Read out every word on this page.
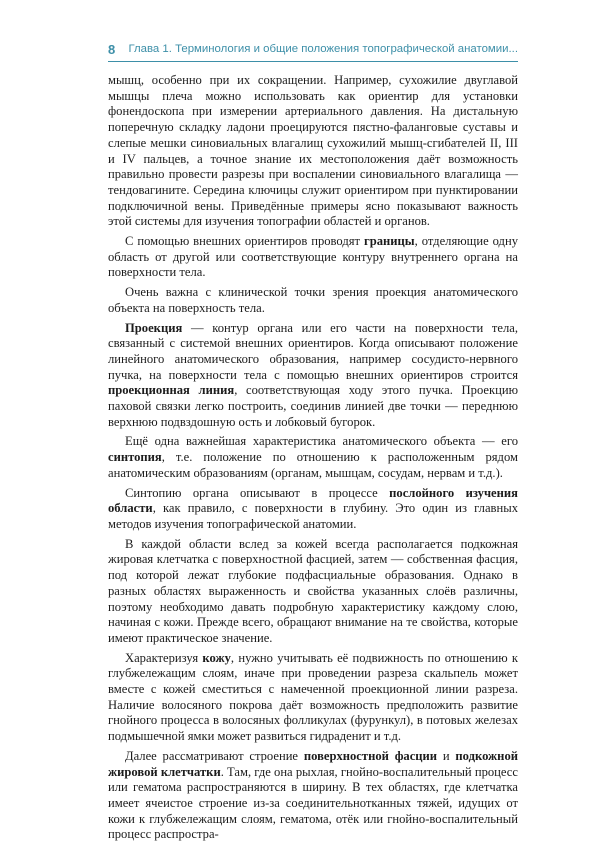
8 Глава 1. Терминология и общие положения топографической анатомии...

мышц, особенно при их сокращении. Например, сухожилие двуглавой мышцы плеча можно использовать как ориентир для установки фонендоскопа при измерении артериального давления. На дистальную поперечную складку ладони проецируются пястно-фаланговые суставы и слепые мешки синовиальных влагалищ сухожилий мышц-сгибателей II, III и IV пальцев, а точное знание их местоположения даёт возможность правильно провести разрезы при воспалении синовиального влагалища — тендовагините. Середина ключицы служит ориентиром при пунктировании подключичной вены. Приведённые примеры ясно показывают важность этой системы для изучения топографии областей и органов.

С помощью внешних ориентиров проводят границы, отделяющие одну область от другой или соответствующие контуру внутреннего органа на поверхности тела.

Очень важна с клинической точки зрения проекция анатомического объекта на поверхность тела.

Проекция — контур органа или его части на поверхности тела, связанный с системой внешних ориентиров. Когда описывают положение линейного анатомического образования, например сосудисто-нервного пучка, на поверхности тела с помощью внешних ориентиров строится проекционная линия, соответствующая ходу этого пучка. Проекцию паховой связки легко построить, соединив линией две точки — переднюю верхнюю подвздошную ость и лобковый бугорок.

Ещё одна важнейшая характеристика анатомического объекта — его синтопия, т.е. положение по отношению к расположенным рядом анатомическим образованиям (органам, мышцам, сосудам, нервам и т.д.).

Синтопию органа описывают в процессе послойного изучения области, как правило, с поверхности в глубину. Это один из главных методов изучения топографической анатомии.

В каждой области вслед за кожей всегда располагается подкожная жировая клетчатка с поверхностной фасцией, затем — собственная фасция, под которой лежат глубокие подфасциальные образования. Однако в разных областях выраженность и свойства указанных слоёв различны, поэтому необходимо давать подробную характеристику каждому слою, начиная с кожи. Прежде всего, обращают внимание на те свойства, которые имеют практическое значение.

Характеризуя кожу, нужно учитывать её подвижность по отношению к глубжележащим слоям, иначе при проведении разреза скальпель может вместе с кожей сместиться с намеченной проекционной линии разреза. Наличие волосяного покрова даёт возможность предположить развитие гнойного процесса в волосяных фолликулах (фурункул), в потовых железах подмышечной ямки может развиться гидраденит и т.д.

Далее рассматривают строение поверхностной фасции и подкожной жировой клетчатки. Там, где она рыхлая, гнойно-воспалительный процесс или гематома распространяются в ширину. В тех областях, где клетчатка имеет ячеистое строение из-за соединительнотканных тяжей, идущих от кожи к глубжележащим слоям, гематома, отёк или гнойно-воспалительный процесс распростра-
